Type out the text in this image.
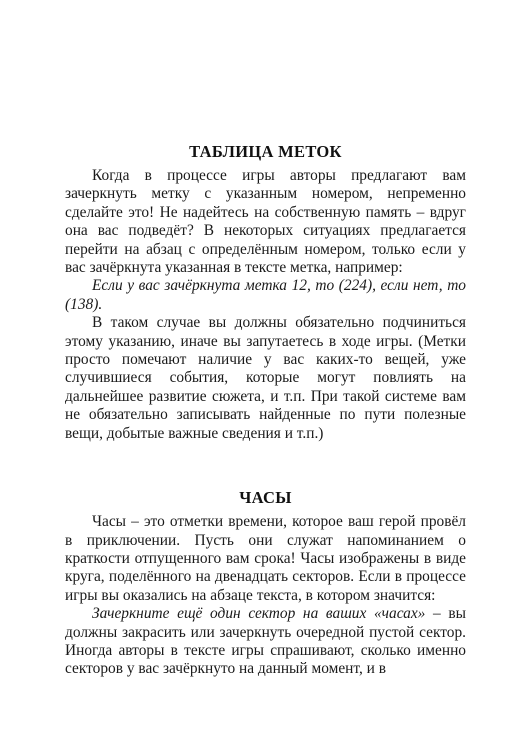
ТАБЛИЦА МЕТОК

Когда в процессе игры авторы предлагают вам зачеркнуть метку с указанным номером, непременно сделайте это! Не надейтесь на собственную память – вдруг она вас подведёт? В некоторых ситуациях предлагается перейти на абзац с определённым номером, только если у вас зачёркнута указанная в тексте метка, например:

Если у вас зачёркнута метка 12, то (224), если нет, то (138).

В таком случае вы должны обязательно подчиниться этому указанию, иначе вы запутаетесь в ходе игры. (Метки просто помечают наличие у вас каких-то вещей, уже случившиеся события, которые могут повлиять на дальнейшее развитие сюжета, и т.п. При такой системе вам не обязательно записывать найденные по пути полезные вещи, добытые важные сведения и т.п.)

ЧАСЫ

Часы – это отметки времени, которое ваш герой провёл в приключении. Пусть они служат напоминанием о краткости отпущенного вам срока! Часы изображены в виде круга, поделённого на двенадцать секторов. Если в процессе игры вы оказались на абзаце текста, в котором значится:

Зачеркните ещё один сектор на ваших «часах» – вы должны закрасить или зачеркнуть очередной пустой сектор. Иногда авторы в тексте игры спрашивают, сколько именно секторов у вас зачёркнуто на данный момент, и в
